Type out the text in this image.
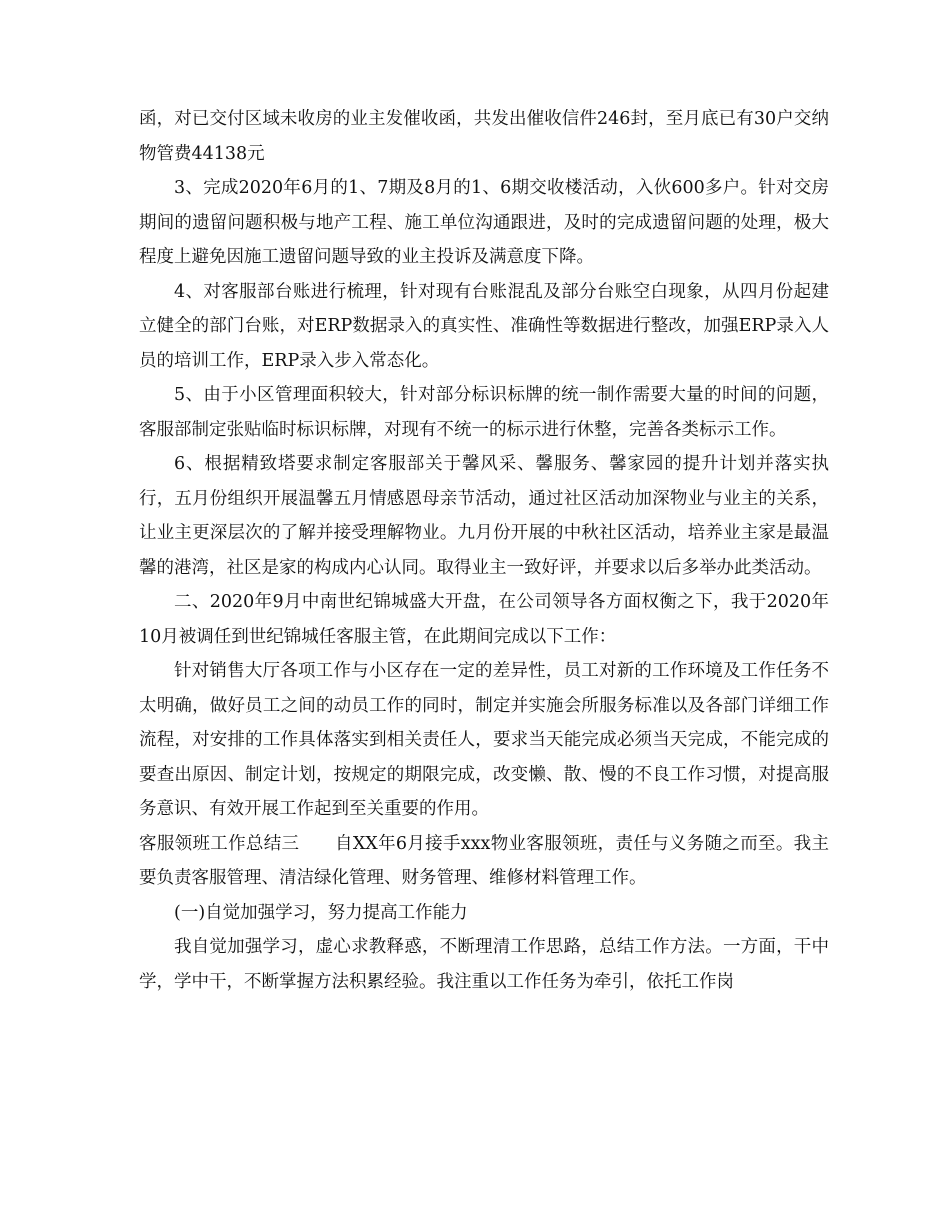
函，对已交付区域未收房的业主发催收函，共发出催收信件246封，至月底已有30户交纳物管费44138元

3、完成2020年6月的1、7期及8月的1、6期交收楼活动，入伙600多户。针对交房期间的遗留问题积极与地产工程、施工单位沟通跟进，及时的完成遗留问题的处理，极大程度上避免因施工遗留问题导致的业主投诉及满意度下降。

4、对客服部台账进行梳理，针对现有台账混乱及部分台账空白现象，从四月份起建立健全的部门台账，对ERP数据录入的真实性、准确性等数据进行整改，加强ERP录入人员的培训工作，ERP录入步入常态化。

5、由于小区管理面积较大，针对部分标识标牌的统一制作需要大量的时间的问题，客服部制定张贴临时标识标牌，对现有不统一的标示进行休整，完善各类标示工作。

6、根据精致塔要求制定客服部关于馨风采、馨服务、馨家园的提升计划并落实执行，五月份组织开展温馨五月情感恩母亲节活动，通过社区活动加深物业与业主的关系，让业主更深层次的了解并接受理解物业。九月份开展的中秋社区活动，培养业主家是最温馨的港湾，社区是家的构成内心认同。取得业主一致好评，并要求以后多举办此类活动。

二、2020年9月中南世纪锦城盛大开盘，在公司领导各方面权衡之下，我于2020年10月被调任到世纪锦城任客服主管，在此期间完成以下工作：

针对销售大厅各项工作与小区存在一定的差异性，员工对新的工作环境及工作任务不太明确，做好员工之间的动员工作的同时，制定并实施会所服务标准以及各部门详细工作流程，对安排的工作具体落实到相关责任人，要求当天能完成必须当天完成，不能完成的要查出原因、制定计划，按规定的期限完成，改变懒、散、慢的不良工作习惯，对提高服务意识、有效开展工作起到至关重要的作用。

客服领班工作总结三　　自XX年6月接手xxx物业客服领班，责任与义务随之而至。我主要负责客服管理、清洁绿化管理、财务管理、维修材料管理工作。

(一)自觉加强学习，努力提高工作能力

我自觉加强学习，虚心求教释惑，不断理清工作思路，总结工作方法。一方面，干中学，学中干，不断掌握方法积累经验。我注重以工作任务为牵引，依托工作岗
